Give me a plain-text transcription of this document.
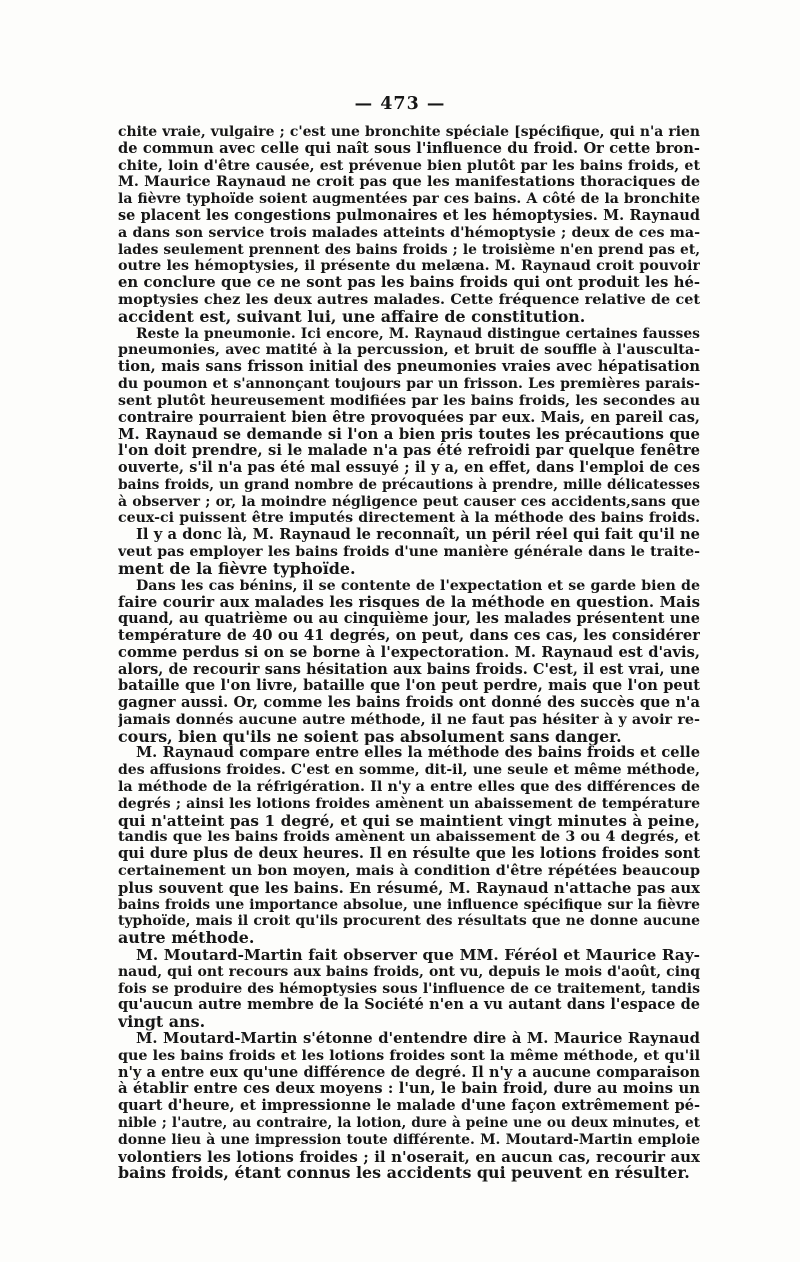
— 473 —
chite vraie, vulgaire ; c'est une bronchite spéciale [spécifique, qui n'a rien
de commun avec celle qui naît sous l'influence du froid. Or cette bron-
chite, loin d'être causée, est prévenue bien plutôt par les bains froids, et
M. Maurice Raynaud ne croit pas que les manifestations thoraciques de
la fièvre typhoïde soient augmentées par ces bains. A côté de la bronchite
se placent les congestions pulmonaires et les hémoptysies. M. Raynaud
a dans son service trois malades atteints d'hémoptysie ; deux de ces ma-
lades seulement prennent des bains froids ; le troisième n'en prend pas et,
outre les hémoptysies, il présente du melæna. M. Raynaud croit pouvoir
en conclure que ce ne sont pas les bains froids qui ont produit les hé-
moptysies chez les deux autres malades. Cette fréquence relative de cet
accident est, suivant lui, une affaire de constitution.
Reste la pneumonie. Ici encore, M. Raynaud distingue certaines fausses
pneumonies, avec matité à la percussion, et bruit de souffle à l'ausculta-
tion, mais sans frisson initial des pneumonies vraies avec hépatisation
du poumon et s'annonçant toujours par un frisson. Les premières parais-
sent plutôt heureusement modifiées par les bains froids, les secondes au
contraire pourraient bien être provoquées par eux. Mais, en pareil cas,
M. Raynaud se demande si l'on a bien pris toutes les précautions que
l'on doit prendre, si le malade n'a pas été refroidi par quelque fenêtre
ouverte, s'il n'a pas été mal essuyé ; il y a, en effet, dans l'emploi de ces
bains froids, un grand nombre de précautions à prendre, mille délicatesses
à observer ; or, la moindre négligence peut causer ces accidents,sans que
ceux-ci puissent être imputés directement à la méthode des bains froids.
Il y a donc là, M. Raynaud le reconnaît, un péril réel qui fait qu'il ne
veut pas employer les bains froids d'une manière générale dans le traite-
ment de la fièvre typhoïde.
Dans les cas bénins, il se contente de l'expectation et se garde bien de
faire courir aux malades les risques de la méthode en question. Mais
quand, au quatrième ou au cinquième jour, les malades présentent une
température de 40 ou 41 degrés, on peut, dans ces cas, les considérer
comme perdus si on se borne à l'expectoration. M. Raynaud est d'avis,
alors, de recourir sans hésitation aux bains froids. C'est, il est vrai, une
bataille que l'on livre, bataille que l'on peut perdre, mais que l'on peut
gagner aussi. Or, comme les bains froids ont donné des succès que n'a
jamais donnés aucune autre méthode, il ne faut pas hésiter à y avoir re-
cours, bien qu'ils ne soient pas absolument sans danger.
M. Raynaud compare entre elles la méthode des bains froids et celle
des affusions froides. C'est en somme, dit-il, une seule et même méthode,
la méthode de la réfrigération. Il n'y a entre elles que des différences de
degrés ; ainsi les lotions froides amènent un abaissement de température
qui n'atteint pas 1 degré, et qui se maintient vingt minutes à peine,
tandis que les bains froids amènent un abaissement de 3 ou 4 degrés, et
qui dure plus de deux heures. Il en résulte que les lotions froides sont
certainement un bon moyen, mais à condition d'être répétées beaucoup
plus souvent que les bains. En résumé, M. Raynaud n'attache pas aux
bains froids une importance absolue, une influence spécifique sur la fièvre
typhoïde, mais il croit qu'ils procurent des résultats que ne donne aucune
autre méthode.
M. Moutard-Martin fait observer que MM. Féréol et Maurice Ray-
naud, qui ont recours aux bains froids, ont vu, depuis le mois d'août, cinq
fois se produire des hémoptysies sous l'influence de ce traitement, tandis
qu'aucun autre membre de la Société n'en a vu autant dans l'espace de
vingt ans.
M. Moutard-Martin s'étonne d'entendre dire à M. Maurice Raynaud
que les bains froids et les lotions froides sont la même méthode, et qu'il
n'y a entre eux qu'une différence de degré. Il n'y a aucune comparaison
à établir entre ces deux moyens : l'un, le bain froid, dure au moins un
quart d'heure, et impressionne le malade d'une façon extrêmement pé-
nible ; l'autre, au contraire, la lotion, dure à peine une ou deux minutes, et
donne lieu à une impression toute différente. M. Moutard-Martin emploie
volontiers les lotions froides ; il n'oserait, en aucun cas, recourir aux
bains froids, étant connus les accidents qui peuvent en résulter.
